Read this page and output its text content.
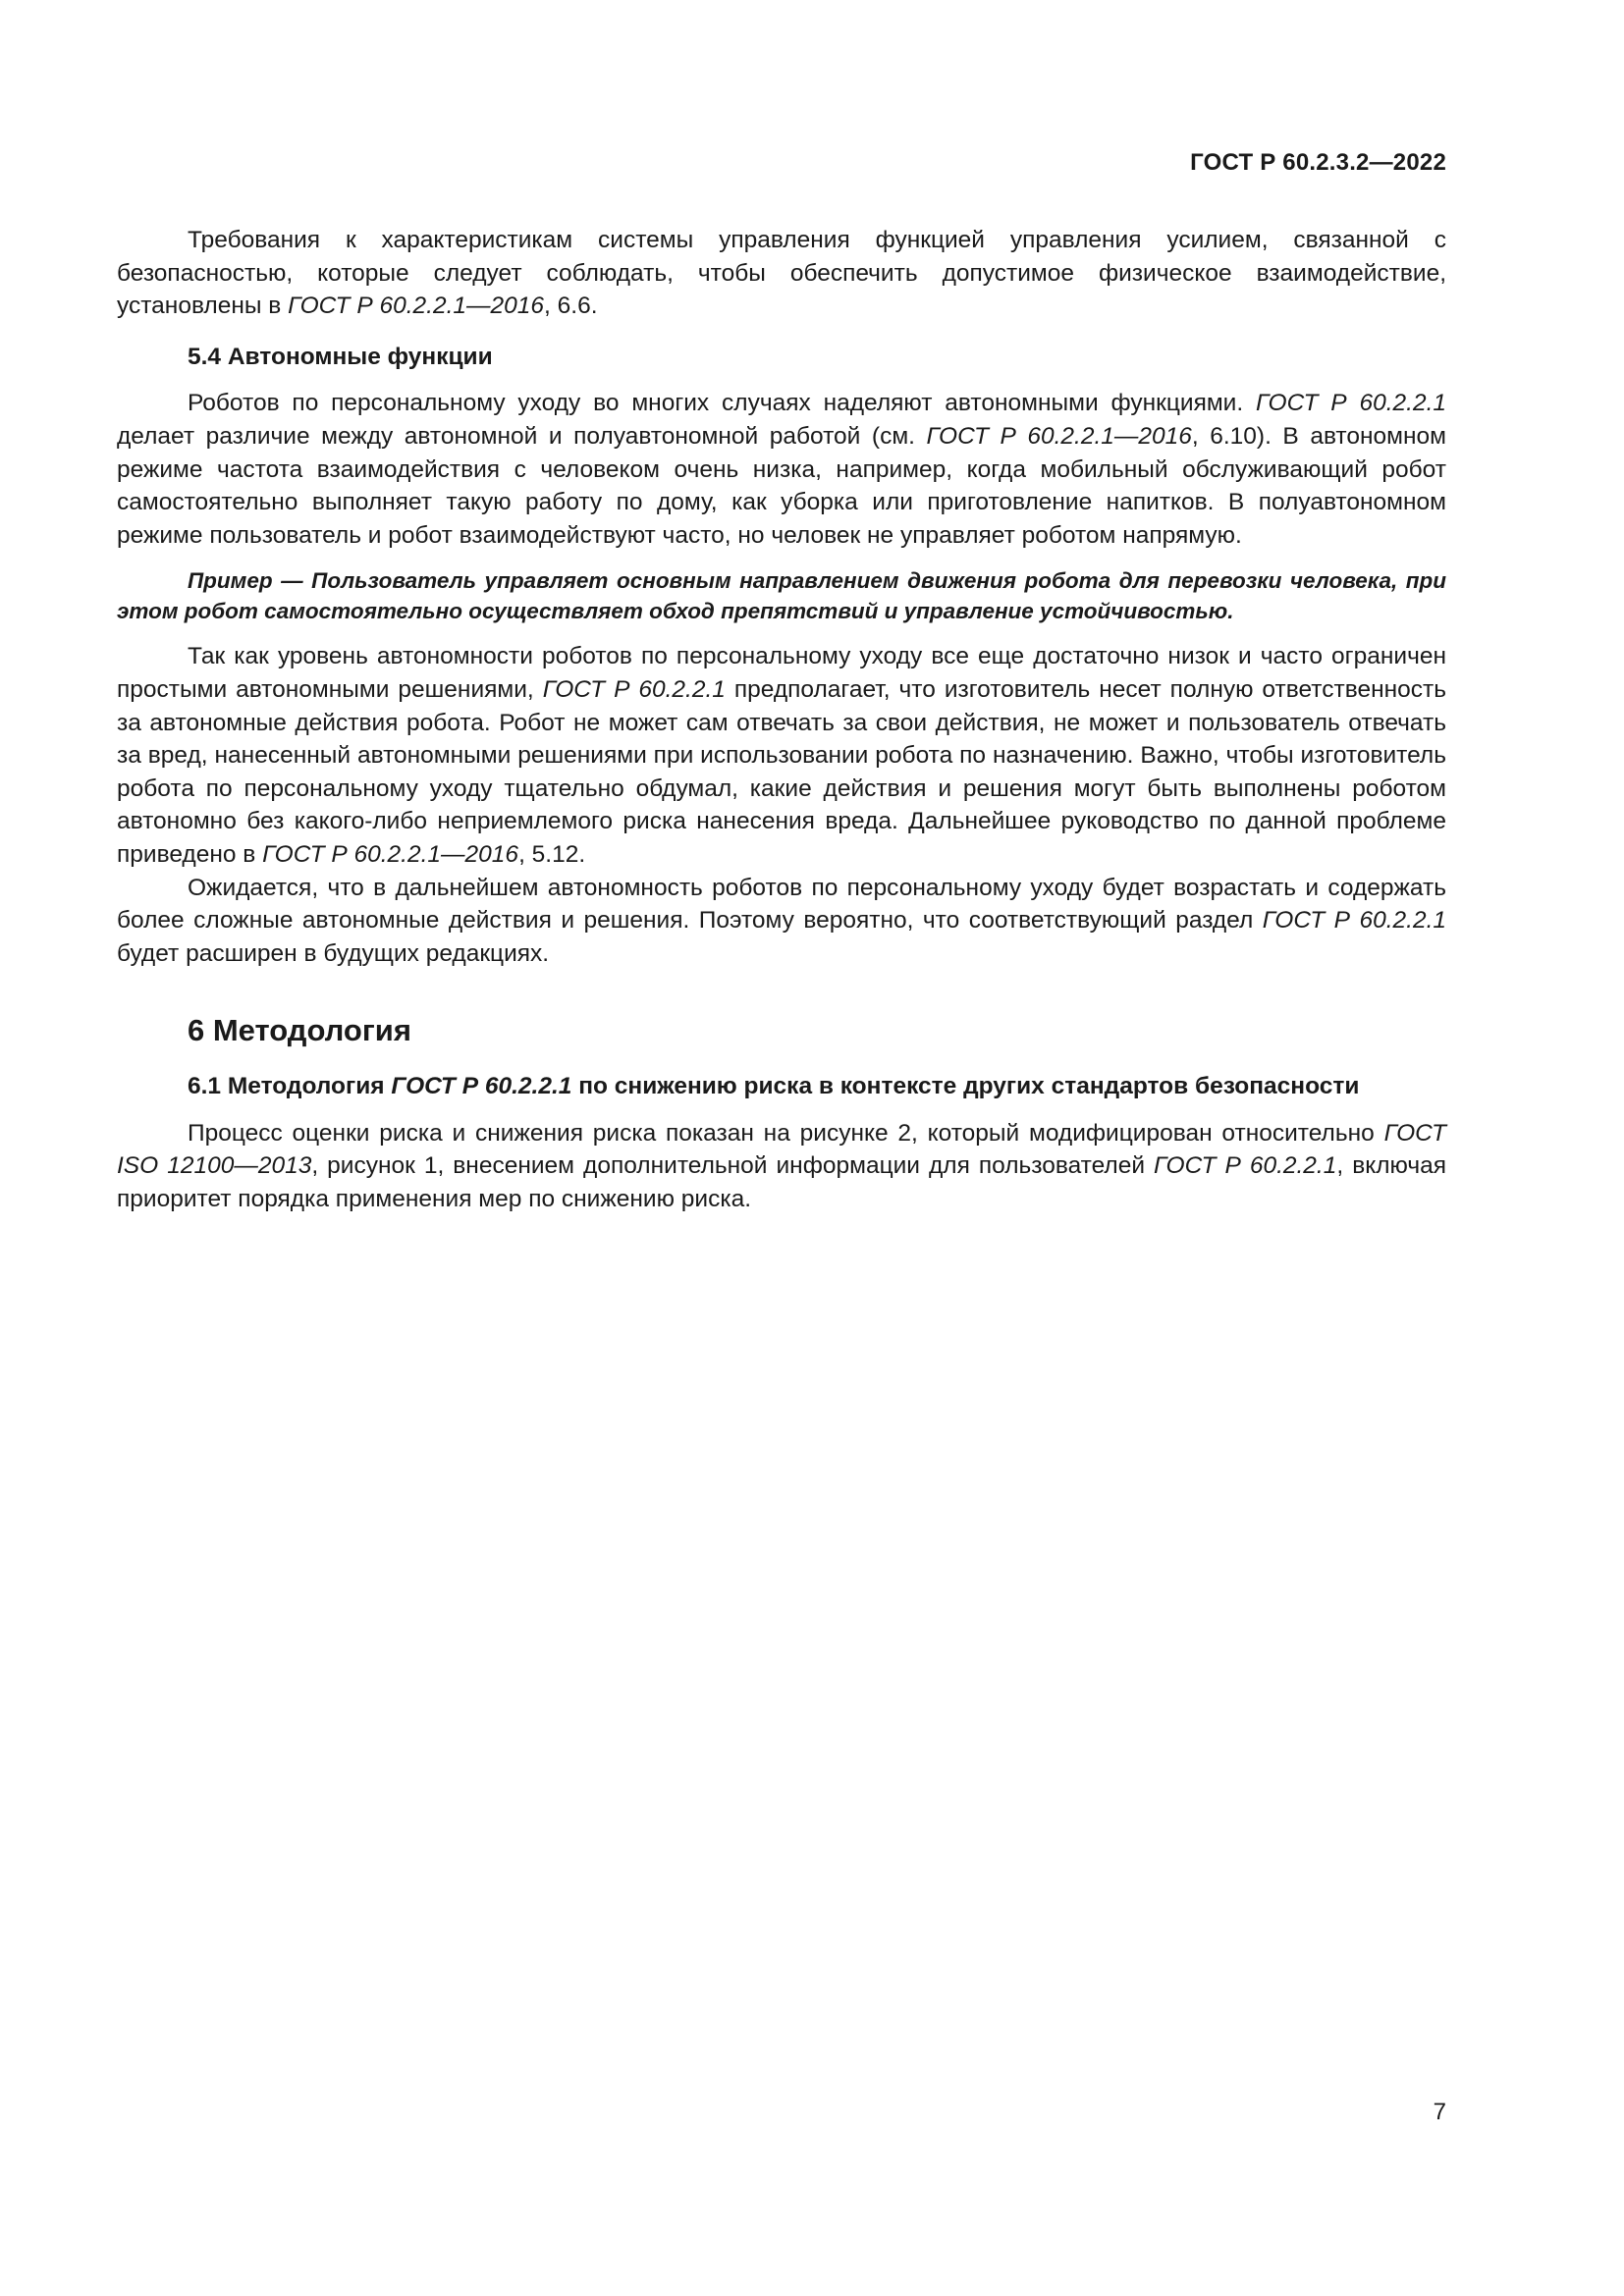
ГОСТ Р 60.2.3.2—2022

Требования к характеристикам системы управления функцией управления усилием, связанной с безопасностью, которые следует соблюдать, чтобы обеспечить допустимое физическое взаимодействие, установлены в ГОСТ Р 60.2.2.1—2016, 6.6.

5.4 Автономные функции

Роботов по персональному уходу во многих случаях наделяют автономными функциями. ГОСТ Р 60.2.2.1 делает различие между автономной и полуавтономной работой (см. ГОСТ Р 60.2.2.1—2016, 6.10). В автономном режиме частота взаимодействия с человеком очень низка, например, когда мобильный обслуживающий робот самостоятельно выполняет такую работу по дому, как уборка или приготовление напитков. В полуавтономном режиме пользователь и робот взаимодействуют часто, но человек не управляет роботом напрямую.

Пример — Пользователь управляет основным направлением движения робота для перевозки человека, при этом робот самостоятельно осуществляет обход препятствий и управление устойчивостью.

Так как уровень автономности роботов по персональному уходу все еще достаточно низок и часто ограничен простыми автономными решениями, ГОСТ Р 60.2.2.1 предполагает, что изготовитель несет полную ответственность за автономные действия робота. Робот не может сам отвечать за свои действия, не может и пользователь отвечать за вред, нанесенный автономными решениями при использовании робота по назначению. Важно, чтобы изготовитель робота по персональному уходу тщательно обдумал, какие действия и решения могут быть выполнены роботом автономно без какого-либо неприемлемого риска нанесения вреда. Дальнейшее руководство по данной проблеме приведено в ГОСТ Р 60.2.2.1—2016, 5.12.

Ожидается, что в дальнейшем автономность роботов по персональному уходу будет возрастать и содержать более сложные автономные действия и решения. Поэтому вероятно, что соответствующий раздел ГОСТ Р 60.2.2.1 будет расширен в будущих редакциях.

6 Методология
6.1 Методология ГОСТ Р 60.2.2.1 по снижению риска в контексте других стандартов безопасности

Процесс оценки риска и снижения риска показан на рисунке 2, который модифицирован относительно ГОСТ ISO 12100—2013, рисунок 1, внесением дополнительной информации для пользователей ГОСТ Р 60.2.2.1, включая приоритет порядка применения мер по снижению риска.

7
